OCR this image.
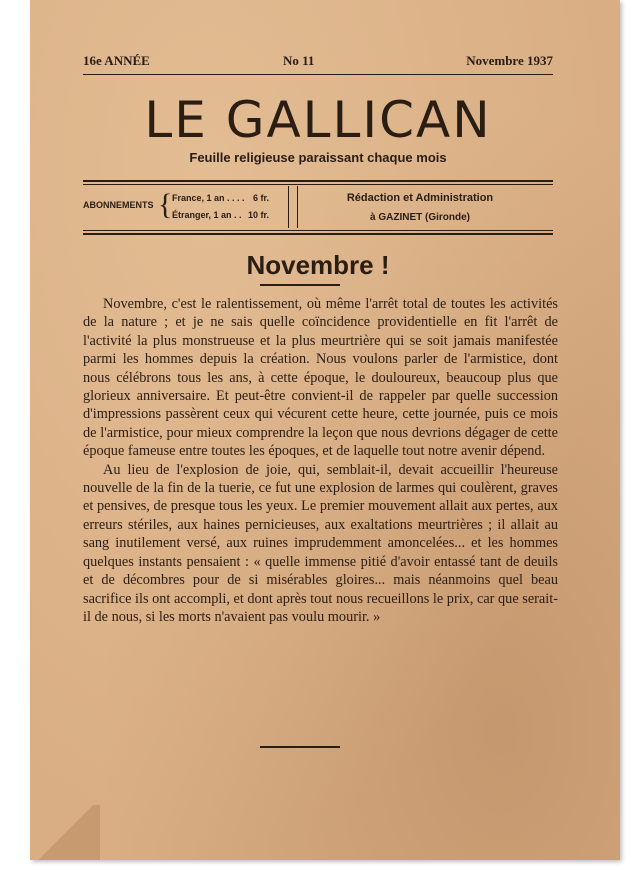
16e ANNÉE	No 11	Novembre 1937
LE GALLICAN
Feuille religieuse paraissant chaque mois
ABONNEMENTS { France, 1 an . . . . 6 fr.
Étranger, 1 an . . 10 fr.
Rédaction et Administration
à GAZINET (Gironde)
Novembre !

Novembre, c'est le ralentissement, où même l'arrêt total de toutes les activités de la nature ; et je ne sais quelle coïncidence providentielle en fit l'arrêt de l'activité la plus monstrueuse et la plus meurtrière qui se soit jamais manifestée parmi les hommes depuis la création. Nous voulons parler de l'armistice, dont nous célébrons tous les ans, à cette époque, le douloureux, beaucoup plus que glorieux anniversaire. Et peut-être convient-il de rappeler par quelle succession d'impressions passèrent ceux qui vécurent cette heure, cette journée, puis ce mois de l'armistice, pour mieux comprendre la leçon que nous devrions dégager de cette époque fameuse entre toutes les époques, et de laquelle tout notre avenir dépend.

Au lieu de l'explosion de joie, qui, semblait-il, devait accueillir l'heureuse nouvelle de la fin de la tuerie, ce fut une explosion de larmes qui coulèrent, graves et pensives, de presque tous les yeux. Le premier mouvement allait aux pertes, aux erreurs stériles, aux haines pernicieuses, aux exaltations meurtrières ; il allait au sang inutilement versé, aux ruines imprudemment amoncelées... et les hommes quelques instants pensaient : « quelle immense pitié d'avoir entassé tant de deuils et de décombres pour de si misérables gloires... mais néanmoins quel beau sacrifice ils ont accompli, et dont après tout nous recueillons le prix, car que serait-il de nous, si les morts n'avaient pas voulu mourir. »
